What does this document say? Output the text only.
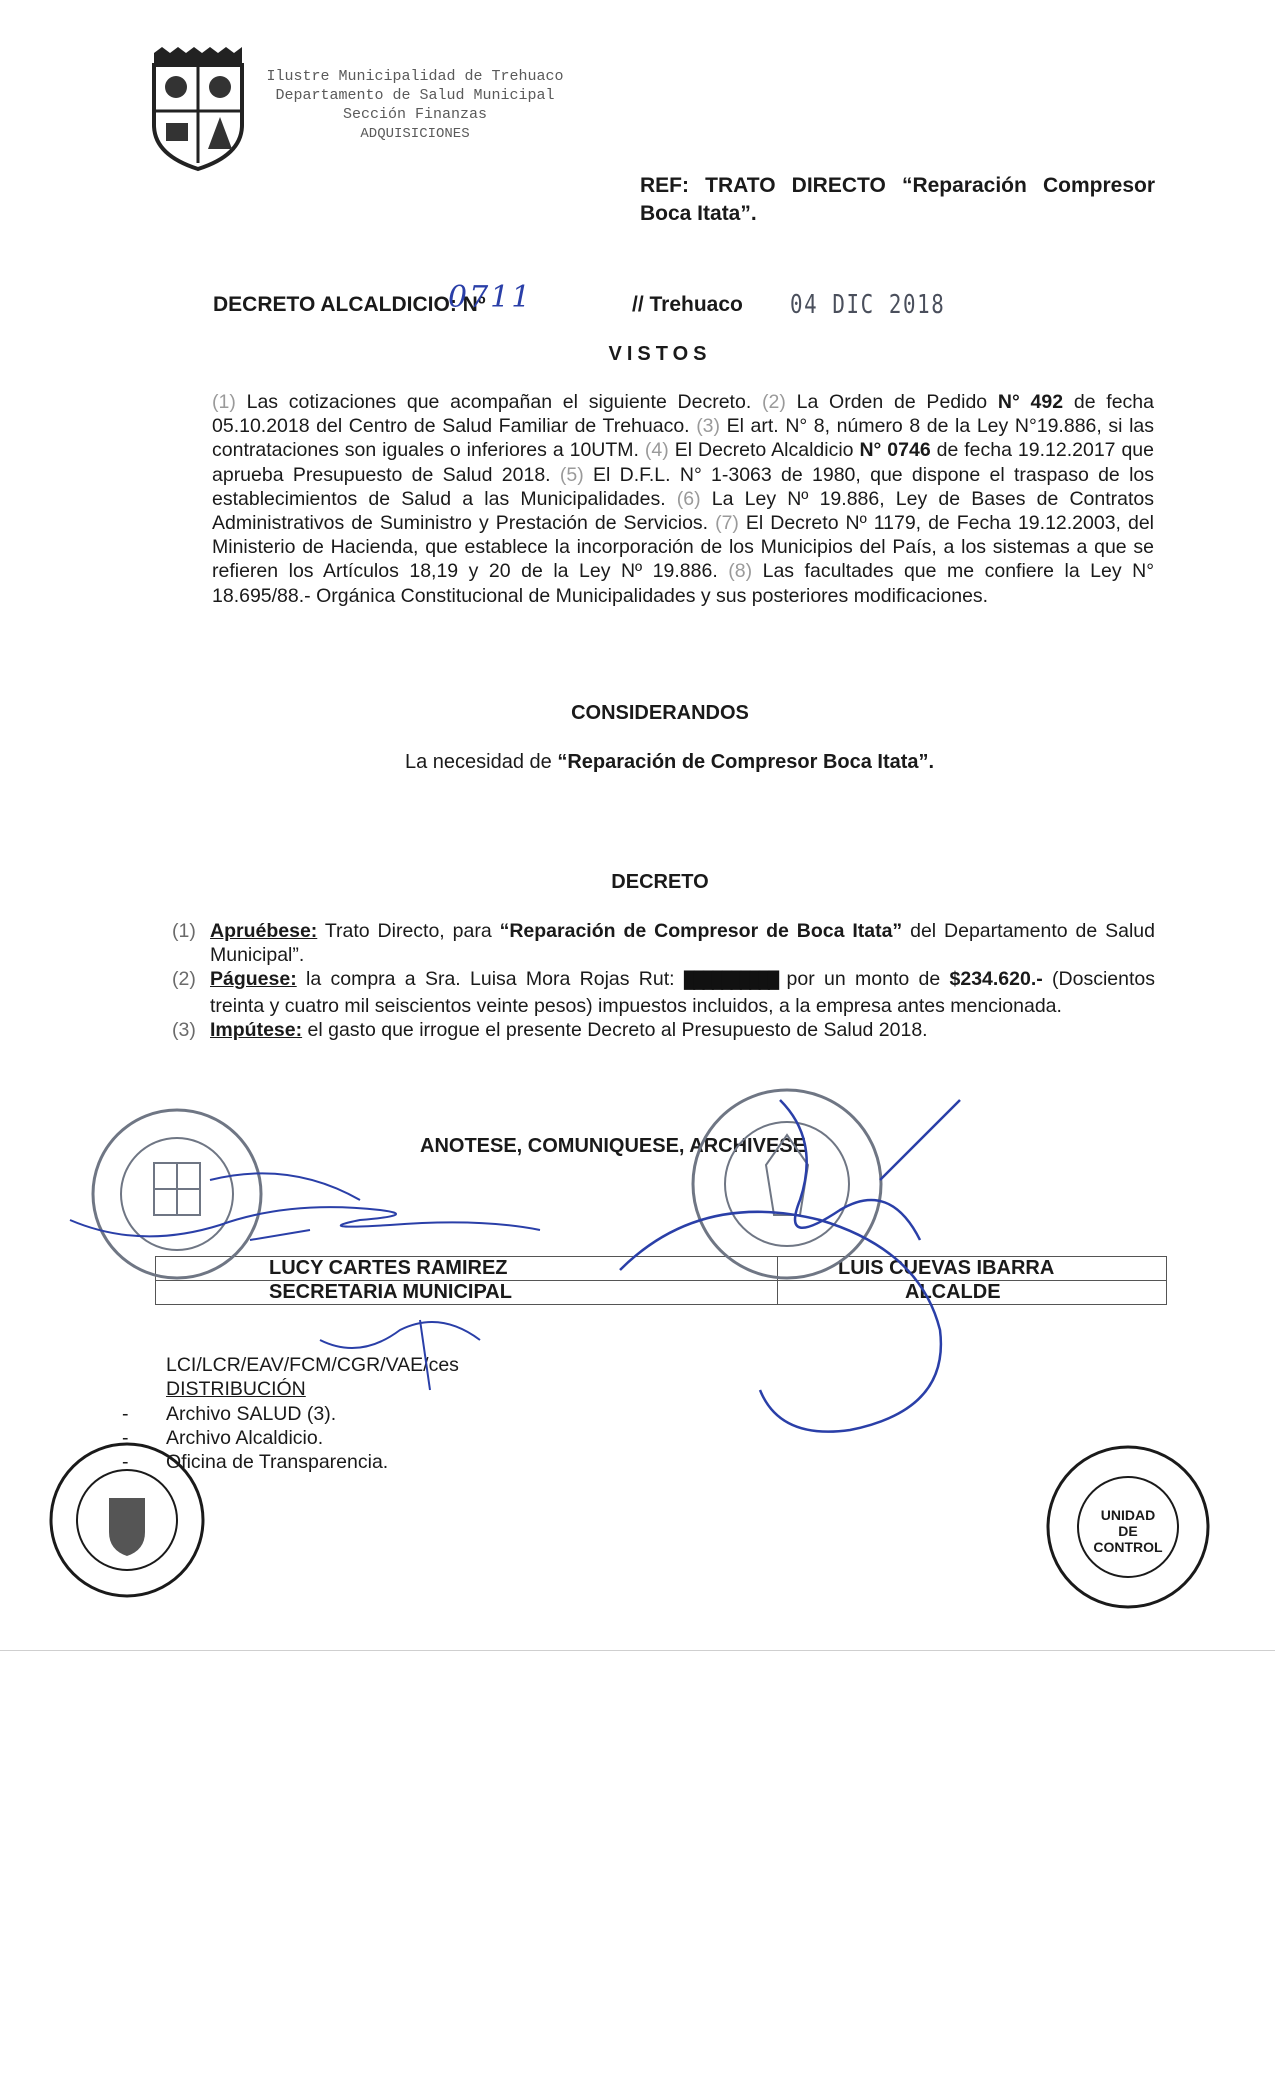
Ilustre Municipalidad de Trehuaco
Departamento de Salud Municipal
Sección Finanzas
ADQUISICIONES
REF: TRATO DIRECTO “Reparación Compresor
Boca Itata”.
DECRETO ALCALDICIO: Nº
0711	// Trehuaco 04 DIC 2018
VISTOS
(1) Las cotizaciones que acompañan el siguiente Decreto. (2) La Orden de Pedido N° 492 de fecha 05.10.2018 del Centro de Salud Familiar de Trehuaco. (3) El art. N° 8, número 8 de la Ley N°19.886, si las contrataciones son iguales o inferiores a 10UTM. (4) El Decreto Alcaldicio N° 0746 de fecha 19.12.2017 que aprueba Presupuesto de Salud 2018. (5) El D.F.L. N° 1-3063 de 1980, que dispone el traspaso de los establecimientos de Salud a las Municipalidades. (6) La Ley Nº 19.886, Ley de Bases de Contratos Administrativos de Suministro y Prestación de Servicios. (7) El Decreto Nº 1179, de Fecha 19.12.2003, del Ministerio de Hacienda, que establece la incorporación de los Municipios del País, a los sistemas a que se refieren los Artículos 18,19 y 20 de la Ley Nº 19.886. (8) Las facultades que me confiere la Ley N° 18.695/88.- Orgánica Constitucional de Municipalidades y sus posteriores modificaciones.
CONSIDERANDOS
La necesidad de “Reparación de Compresor Boca Itata”.
DECRETO
(1) Apruébese: Trato Directo, para “Reparación de Compresor de Boca Itata” del Departamento de Salud Municipal”.
(2) Páguese: la compra a Sra. Luisa Mora Rojas Rut: ██████████ por un monto de $234.620.- (Doscientos treinta y cuatro mil seiscientos veinte pesos) impuestos incluidos, a la empresa antes mencionada.
(3) Impútese: el gasto que irrogue el presente Decreto al Presupuesto de Salud 2018.
ANOTESE, COMUNIQUESE, ARCHIVESE
LUCY CARTES RAMIREZ	LUIS CUEVAS IBARRA
SECRETARIA MUNICIPAL	ALCALDE
LCI/LCR/EAV/FCM/CGR/VAE/ces
DISTRIBUCIÓN
-	Archivo SALUD (3).
-	Archivo Alcaldicio.
-	Oficina de Transparencia.
UNIDAD
DE
CONTROL
